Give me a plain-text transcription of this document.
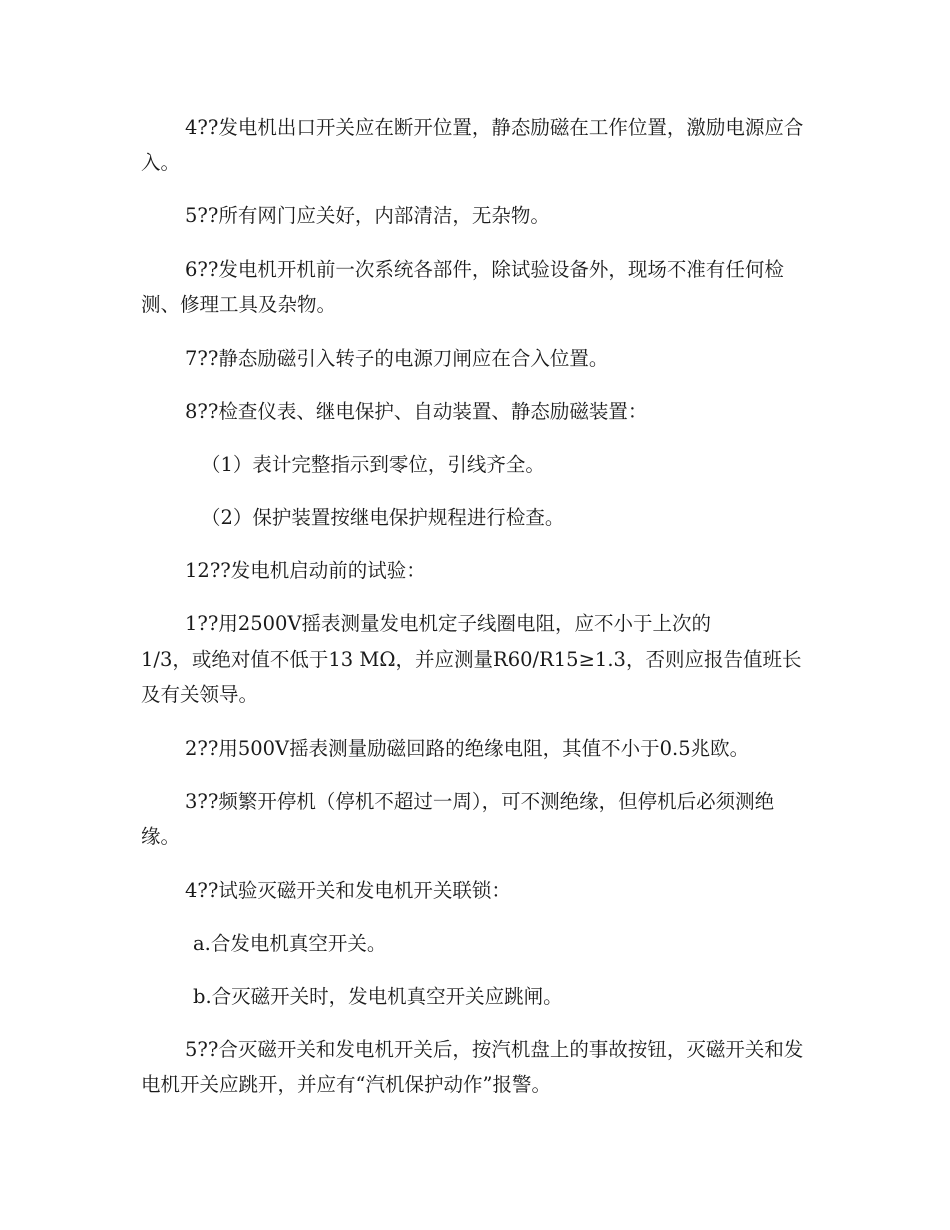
4??发电机出口开关应在断开位置，静态励磁在工作位置，激励电源应合入。

5??所有网门应关好，内部清洁，无杂物。

6??发电机开机前一次系统各部件，除试验设备外，现场不准有任何检测、修理工具及杂物。

7??静态励磁引入转子的电源刀闸应在合入位置。

8??检查仪表、继电保护、自动装置、静态励磁装置：

（1）表计完整指示到零位，引线齐全。

（2）保护装置按继电保护规程进行检查。

12??发电机启动前的试验：

1??用2500V摇表测量发电机定子线圈电阻，应不小于上次的

1/3，或绝对值不低于13 MΩ，并应测量R60/R15≥1.3，否则应报告值班长及有关领导。

2??用500V摇表测量励磁回路的绝缘电阻，其值不小于0.5兆欧。

3??频繁开停机（停机不超过一周），可不测绝缘，但停机后必须测绝缘。

4??试验灭磁开关和发电机开关联锁：

a.合发电机真空开关。

b.合灭磁开关时，发电机真空开关应跳闸。

5??合灭磁开关和发电机开关后，按汽机盘上的事故按钮，灭磁开关和发电机开关应跳开，并应有“汽机保护动作”报警。
